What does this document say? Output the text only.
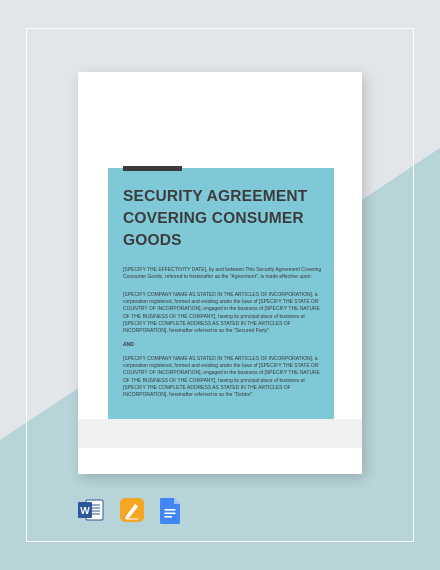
SECURITY AGREEMENT COVERING CONSUMER GOODS

[SPECIFY THE EFFECTIVITY DATE], by and between This Security Agreement Covering Consumer Goods, referred to hereinafter as the "Agreement", is made effective upon:

[SPECIFY COMPANY NAME AS STATED IN THE ARTICLES OF INCORPORATION], a corporation registered, formed and existing under the laws of [SPECIFY THE STATE OR COUNTRY OF INCORPORATION], engaged in the business of [SPECIFY THE NATURE OF THE BUSINESS OF THE COMPANY], having its principal place of business at [SPECIFY THE COMPLETE ADDRESS AS STATED IN THE ARTICLES OF INCORPORATION], hereinafter referred to as the "Secured Party".

AND

[SPECIFY COMPANY NAME AS STATED IN THE ARTICLES OF INCORPORATION], a corporation registered, formed and existing under the laws of [SPECIFY THE STATE OR COUNTRY OF INCORPORATION], engaged in the business of [SPECIFY THE NATURE OF THE BUSINESS OF THE COMPANY], having its principal place of business at [SPECIFY THE COMPLETE ADDRESS AS STATED IN THE ARTICLES OF INCORPORATION], hereinafter referred to as the "Debtor".

W
